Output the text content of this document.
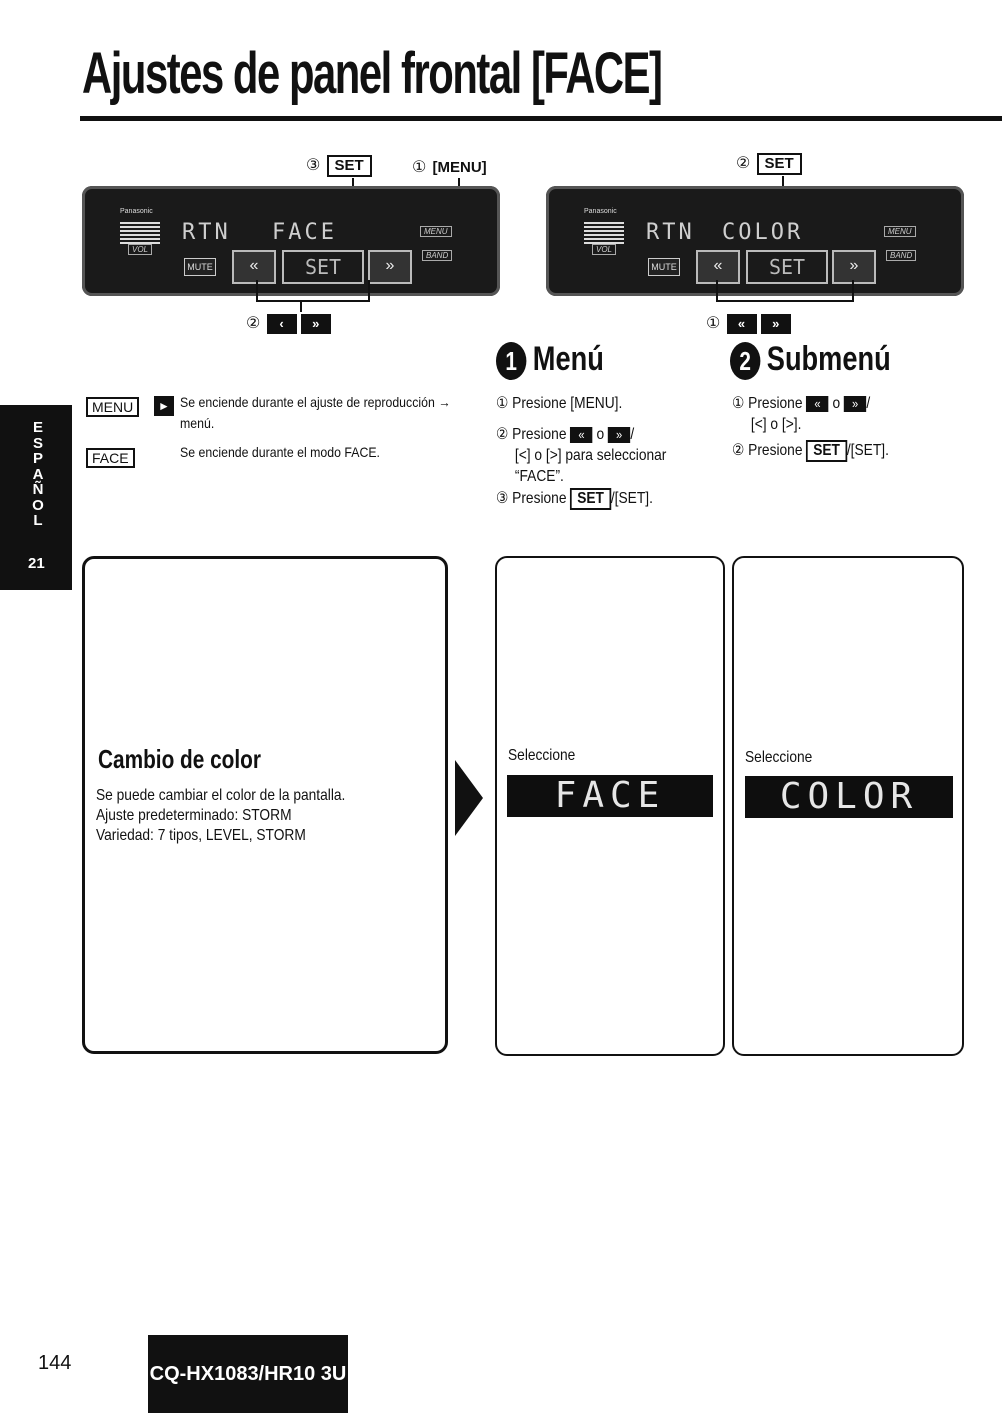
Ajustes de panel frontal [FACE]
③ SET	① [MENU]
Panasonic
VOL
RTN FACE	MENU
BAND
MUTE	«	SET	»
② ‹ »
② SET
Panasonic
VOL
RTN COLOR	MENU
BAND
MUTE	«	SET	»
① « »
E
S
P
A
Ñ
O
L
21
MENU	► Se enciende durante el ajuste de reproducción → menú.
FACE	Se enciende durante el modo FACE.
1 Menú
① Presione [MENU].
② Presione « o » /
[<] o [>] para seleccionar
“FACE”.
③ Presione SET /[SET].
2 Submenú
① Presione « o » /
[<] o [>].
② Presione SET /[SET].
Cambio de color
Se puede cambiar el color de la pantalla.
Ajuste predeterminado: STORM
Variedad: 7 tipos, LEVEL, STORM
Seleccione
FACE
Seleccione
COLOR
144	CQ-HX1083/HR10 3U
